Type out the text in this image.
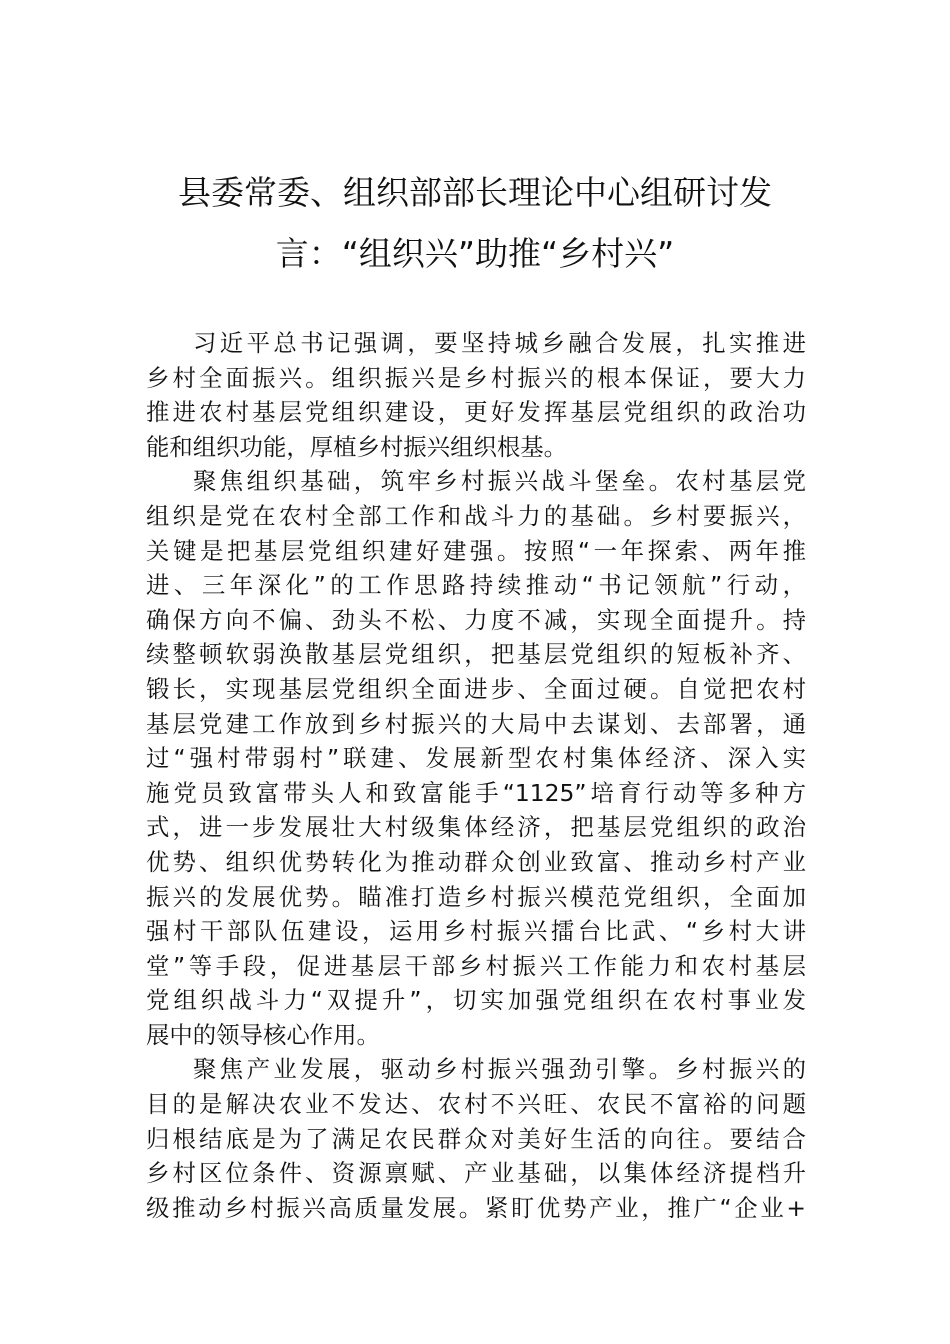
县委常委、组织部部长理论中心组研讨发
言：“组织兴”助推“乡村兴”

习近平总书记强调，要坚持城乡融合发展，扎实推进
乡村全面振兴。组织振兴是乡村振兴的根本保证，要大力
推进农村基层党组织建设，更好发挥基层党组织的政治功
能和组织功能，厚植乡村振兴组织根基。

聚焦组织基础，筑牢乡村振兴战斗堡垒。农村基层党
组织是党在农村全部工作和战斗力的基础。乡村要振兴，
关键是把基层党组织建好建强。按照“一年探索、两年推
进、三年深化”的工作思路持续推动“书记领航”行动，
确保方向不偏、劲头不松、力度不减，实现全面提升。持
续整顿软弱涣散基层党组织，把基层党组织的短板补齐、
锻长，实现基层党组织全面进步、全面过硬。自觉把农村
基层党建工作放到乡村振兴的大局中去谋划、去部署，通
过“强村带弱村”联建、发展新型农村集体经济、深入实
施党员致富带头人和致富能手“1125”培育行动等多种方
式，进一步发展壮大村级集体经济，把基层党组织的政治
优势、组织优势转化为推动群众创业致富、推动乡村产业
振兴的发展优势。瞄准打造乡村振兴模范党组织，全面加
强村干部队伍建设，运用乡村振兴擂台比武、“乡村大讲
堂”等手段，促进基层干部乡村振兴工作能力和农村基层
党组织战斗力“双提升”，切实加强党组织在农村事业发
展中的领导核心作用。

聚焦产业发展，驱动乡村振兴强劲引擎。乡村振兴的
目的是解决农业不发达、农村不兴旺、农民不富裕的问题
归根结底是为了满足农民群众对美好生活的向往。要结合
乡村区位条件、资源禀赋、产业基础，以集体经济提档升
级推动乡村振兴高质量发展。紧盯优势产业，推广“企业+
